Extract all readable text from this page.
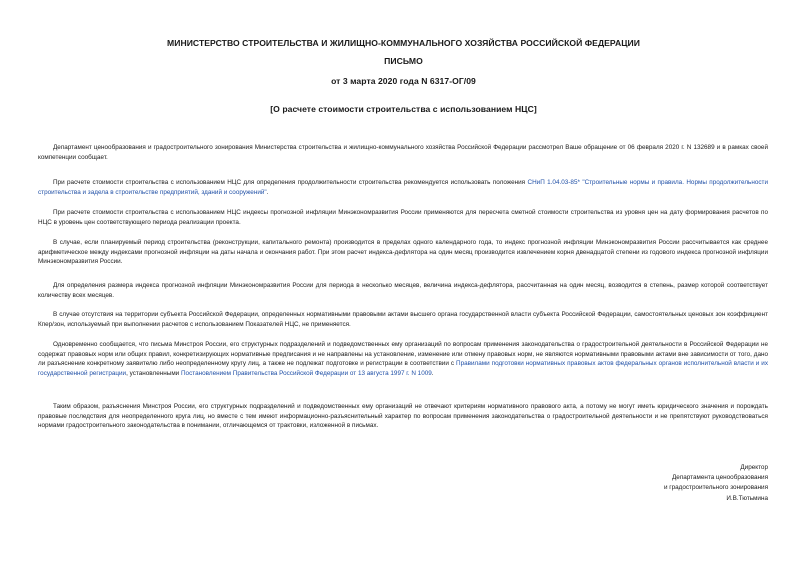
МИНИСТЕРСТВО СТРОИТЕЛЬСТВА И ЖИЛИЩНО-КОММУНАЛЬНОГО ХОЗЯЙСТВА РОССИЙСКОЙ ФЕДЕРАЦИИ
ПИСЬМО
от 3 марта 2020 года N 6317-ОГ/09
[О расчете стоимости строительства с использованием НЦС]

Департамент ценообразования и градостроительного зонирования Министерства строительства и жилищно-коммунального хозяйства Российской Федерации рассмотрел Ваше обращение от 06 февраля 2020 г. N 132689 и в рамках своей компетенции сообщает.

При расчете стоимости строительства с использованием НЦС для определения продолжительности строительства рекомендуется использовать положения СНиП 1.04.03-85* "Строительные нормы и правила. Нормы продолжительности строительства и задела в строительстве предприятий, зданий и сооружений".

При расчете стоимости строительства с использованием НЦС индексы прогнозной инфляции Минэкономразвития России применяются для пересчета сметной стоимости строительства из уровня цен на дату формирования расчетов по НЦС в уровень цен соответствующего периода реализации проекта.

В случае, если планируемый период строительства (реконструкции, капитального ремонта) производится в пределах одного календарного года, то индекс прогнозной инфляции Минэкономразвития России рассчитывается как среднее арифметическое между индексами прогнозной инфляции на даты начала и окончания работ. При этом расчет индекса-дефлятора на один месяц производится извлечением корня двенадцатой степени из годового индекса прогнозной инфляции Минэкономразвития России.

Для определения размера индекса прогнозной инфляции Минэкономразвития России для периода в несколько месяцев, величина индекса-дефлятора, рассчитанная на один месяц, возводится в степень, размер которой соответствует количеству всех месяцев.

В случае отсутствия на территории субъекта Российской Федерации, определенных нормативными правовыми актами высшего органа государственной власти субъекта Российской Федерации, самостоятельных ценовых зон коэффициент Кпер/зон, используемый при выполнении расчетов с использованием Показателей НЦС, не применяется.

Одновременно сообщается, что письма Минстроя России, его структурных подразделений и подведомственных ему организаций по вопросам применения законодательства о градостроительной деятельности в Российской Федерации не содержат правовых норм или общих правил, конкретизирующих нормативные предписания и не направлены на установление, изменение или отмену правовых норм, не являются нормативными правовыми актами вне зависимости от того, дано ли разъяснение конкретному заявителю либо неопределенному кругу лиц, а также не подлежат подготовке и регистрации в соответствии с Правилами подготовки нормативных правовых актов федеральных органов исполнительной власти и их государственной регистрации, установленными Постановлением Правительства Российской Федерации от 13 августа 1997 г. N 1009.

Таким образом, разъяснения Минстроя России, его структурных подразделений и подведомственных ему организаций не отвечают критериям нормативного правового акта, а потому не могут иметь юридического значения и порождать правовые последствия для неопределенного круга лиц, но вместе с тем имеют информационно-разъяснительный характер по вопросам применения законодательства о градостроительной деятельности и не препятствуют руководствоваться нормами градостроительного законодательства в понимании, отличающемся от трактовки, изложенной в письмах.

Директор
Департамента ценообразования
и градостроительного зонирования
И.В.Тютьмина
